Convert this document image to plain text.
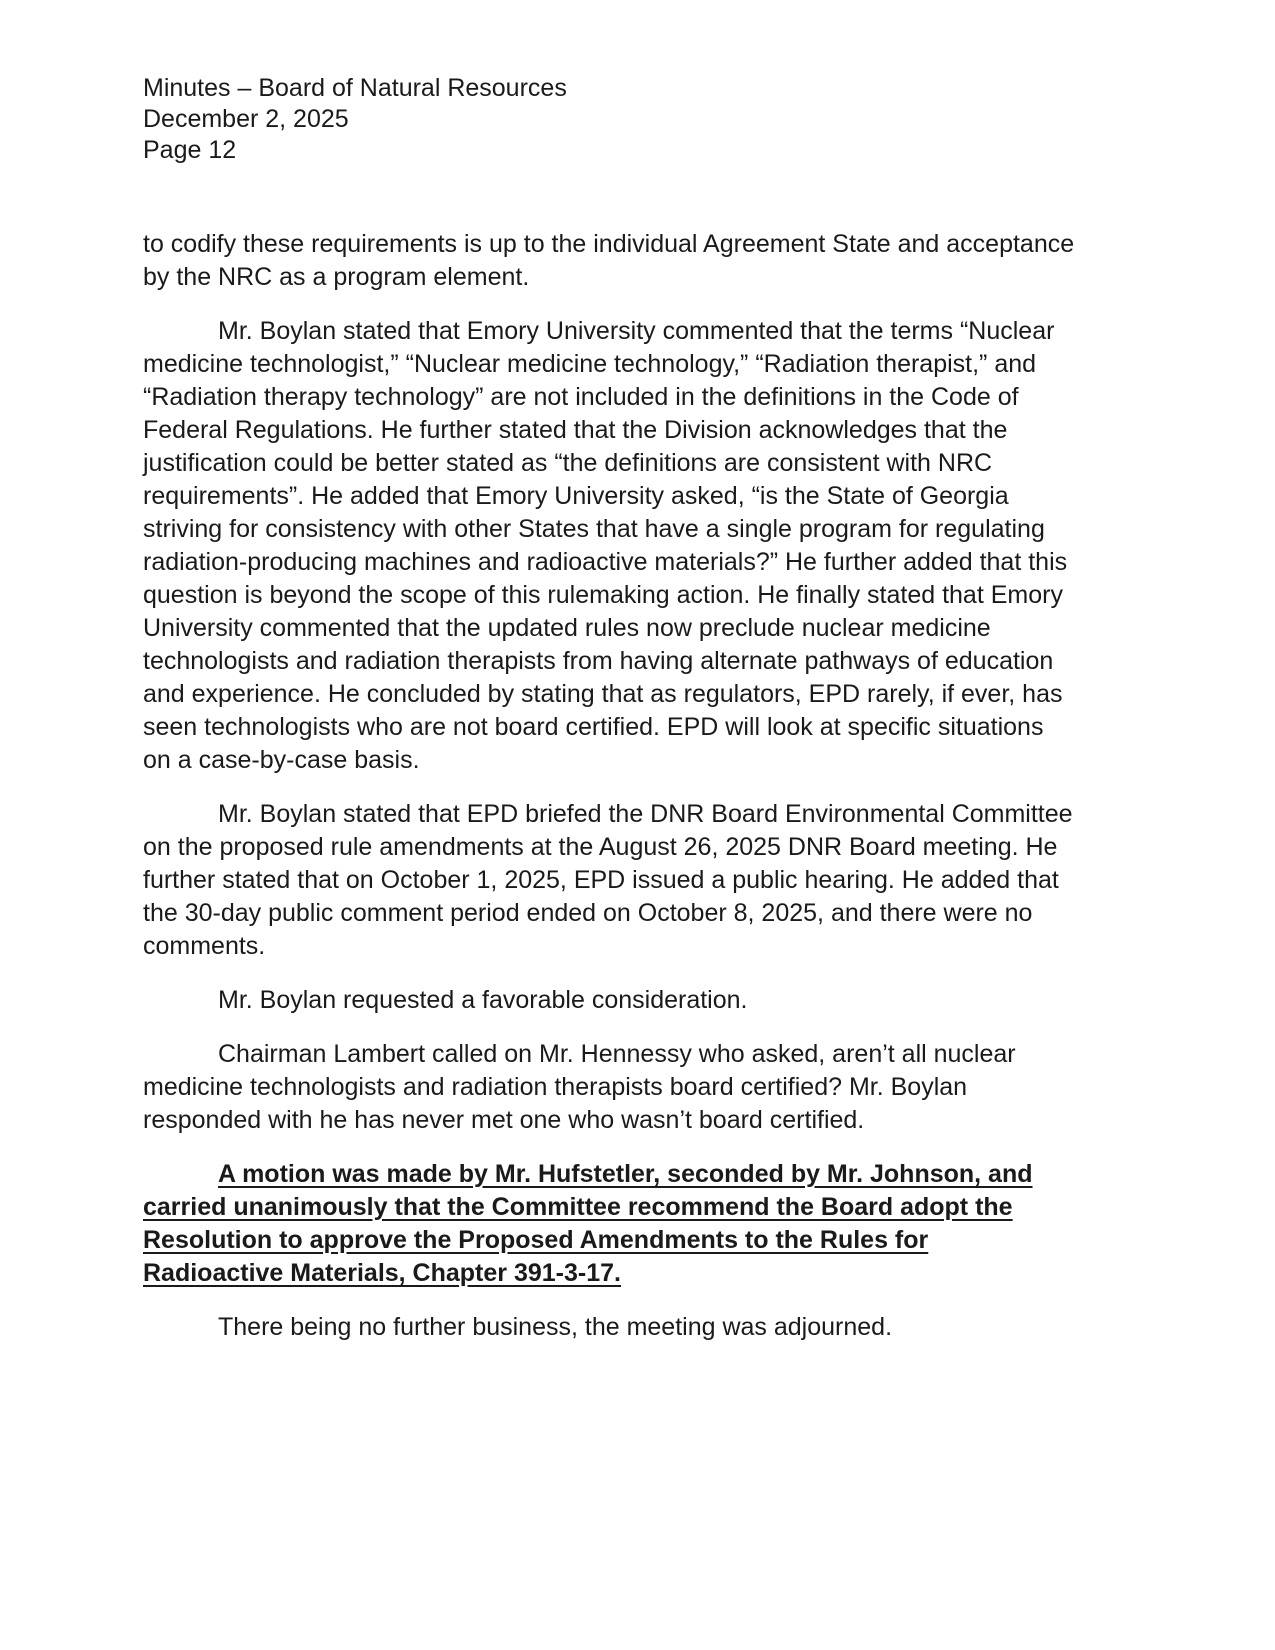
Minutes – Board of Natural Resources
December 2, 2025
Page 12

to codify these requirements is up to the individual Agreement State and acceptance by the NRC as a program element.

Mr. Boylan stated that Emory University commented that the terms “Nuclear medicine technologist,” “Nuclear medicine technology,” “Radiation therapist,” and “Radiation therapy technology” are not included in the definitions in the Code of Federal Regulations. He further stated that the Division acknowledges that the justification could be better stated as “the definitions are consistent with NRC requirements”. He added that Emory University asked, “is the State of Georgia striving for consistency with other States that have a single program for regulating radiation-producing machines and radioactive materials?” He further added that this question is beyond the scope of this rulemaking action. He finally stated that Emory University commented that the updated rules now preclude nuclear medicine technologists and radiation therapists from having alternate pathways of education and experience. He concluded by stating that as regulators, EPD rarely, if ever, has seen technologists who are not board certified. EPD will look at specific situations on a case-by-case basis.

Mr. Boylan stated that EPD briefed the DNR Board Environmental Committee on the proposed rule amendments at the August 26, 2025 DNR Board meeting. He further stated that on October 1, 2025, EPD issued a public hearing. He added that the 30-day public comment period ended on October 8, 2025, and there were no comments.

Mr. Boylan requested a favorable consideration.

Chairman Lambert called on Mr. Hennessy who asked, aren’t all nuclear medicine technologists and radiation therapists board certified? Mr. Boylan responded with he has never met one who wasn’t board certified.

A motion was made by Mr. Hufstetler, seconded by Mr. Johnson, and carried unanimously that the Committee recommend the Board adopt the Resolution to approve the Proposed Amendments to the Rules for Radioactive Materials, Chapter 391-3-17.

There being no further business, the meeting was adjourned.
